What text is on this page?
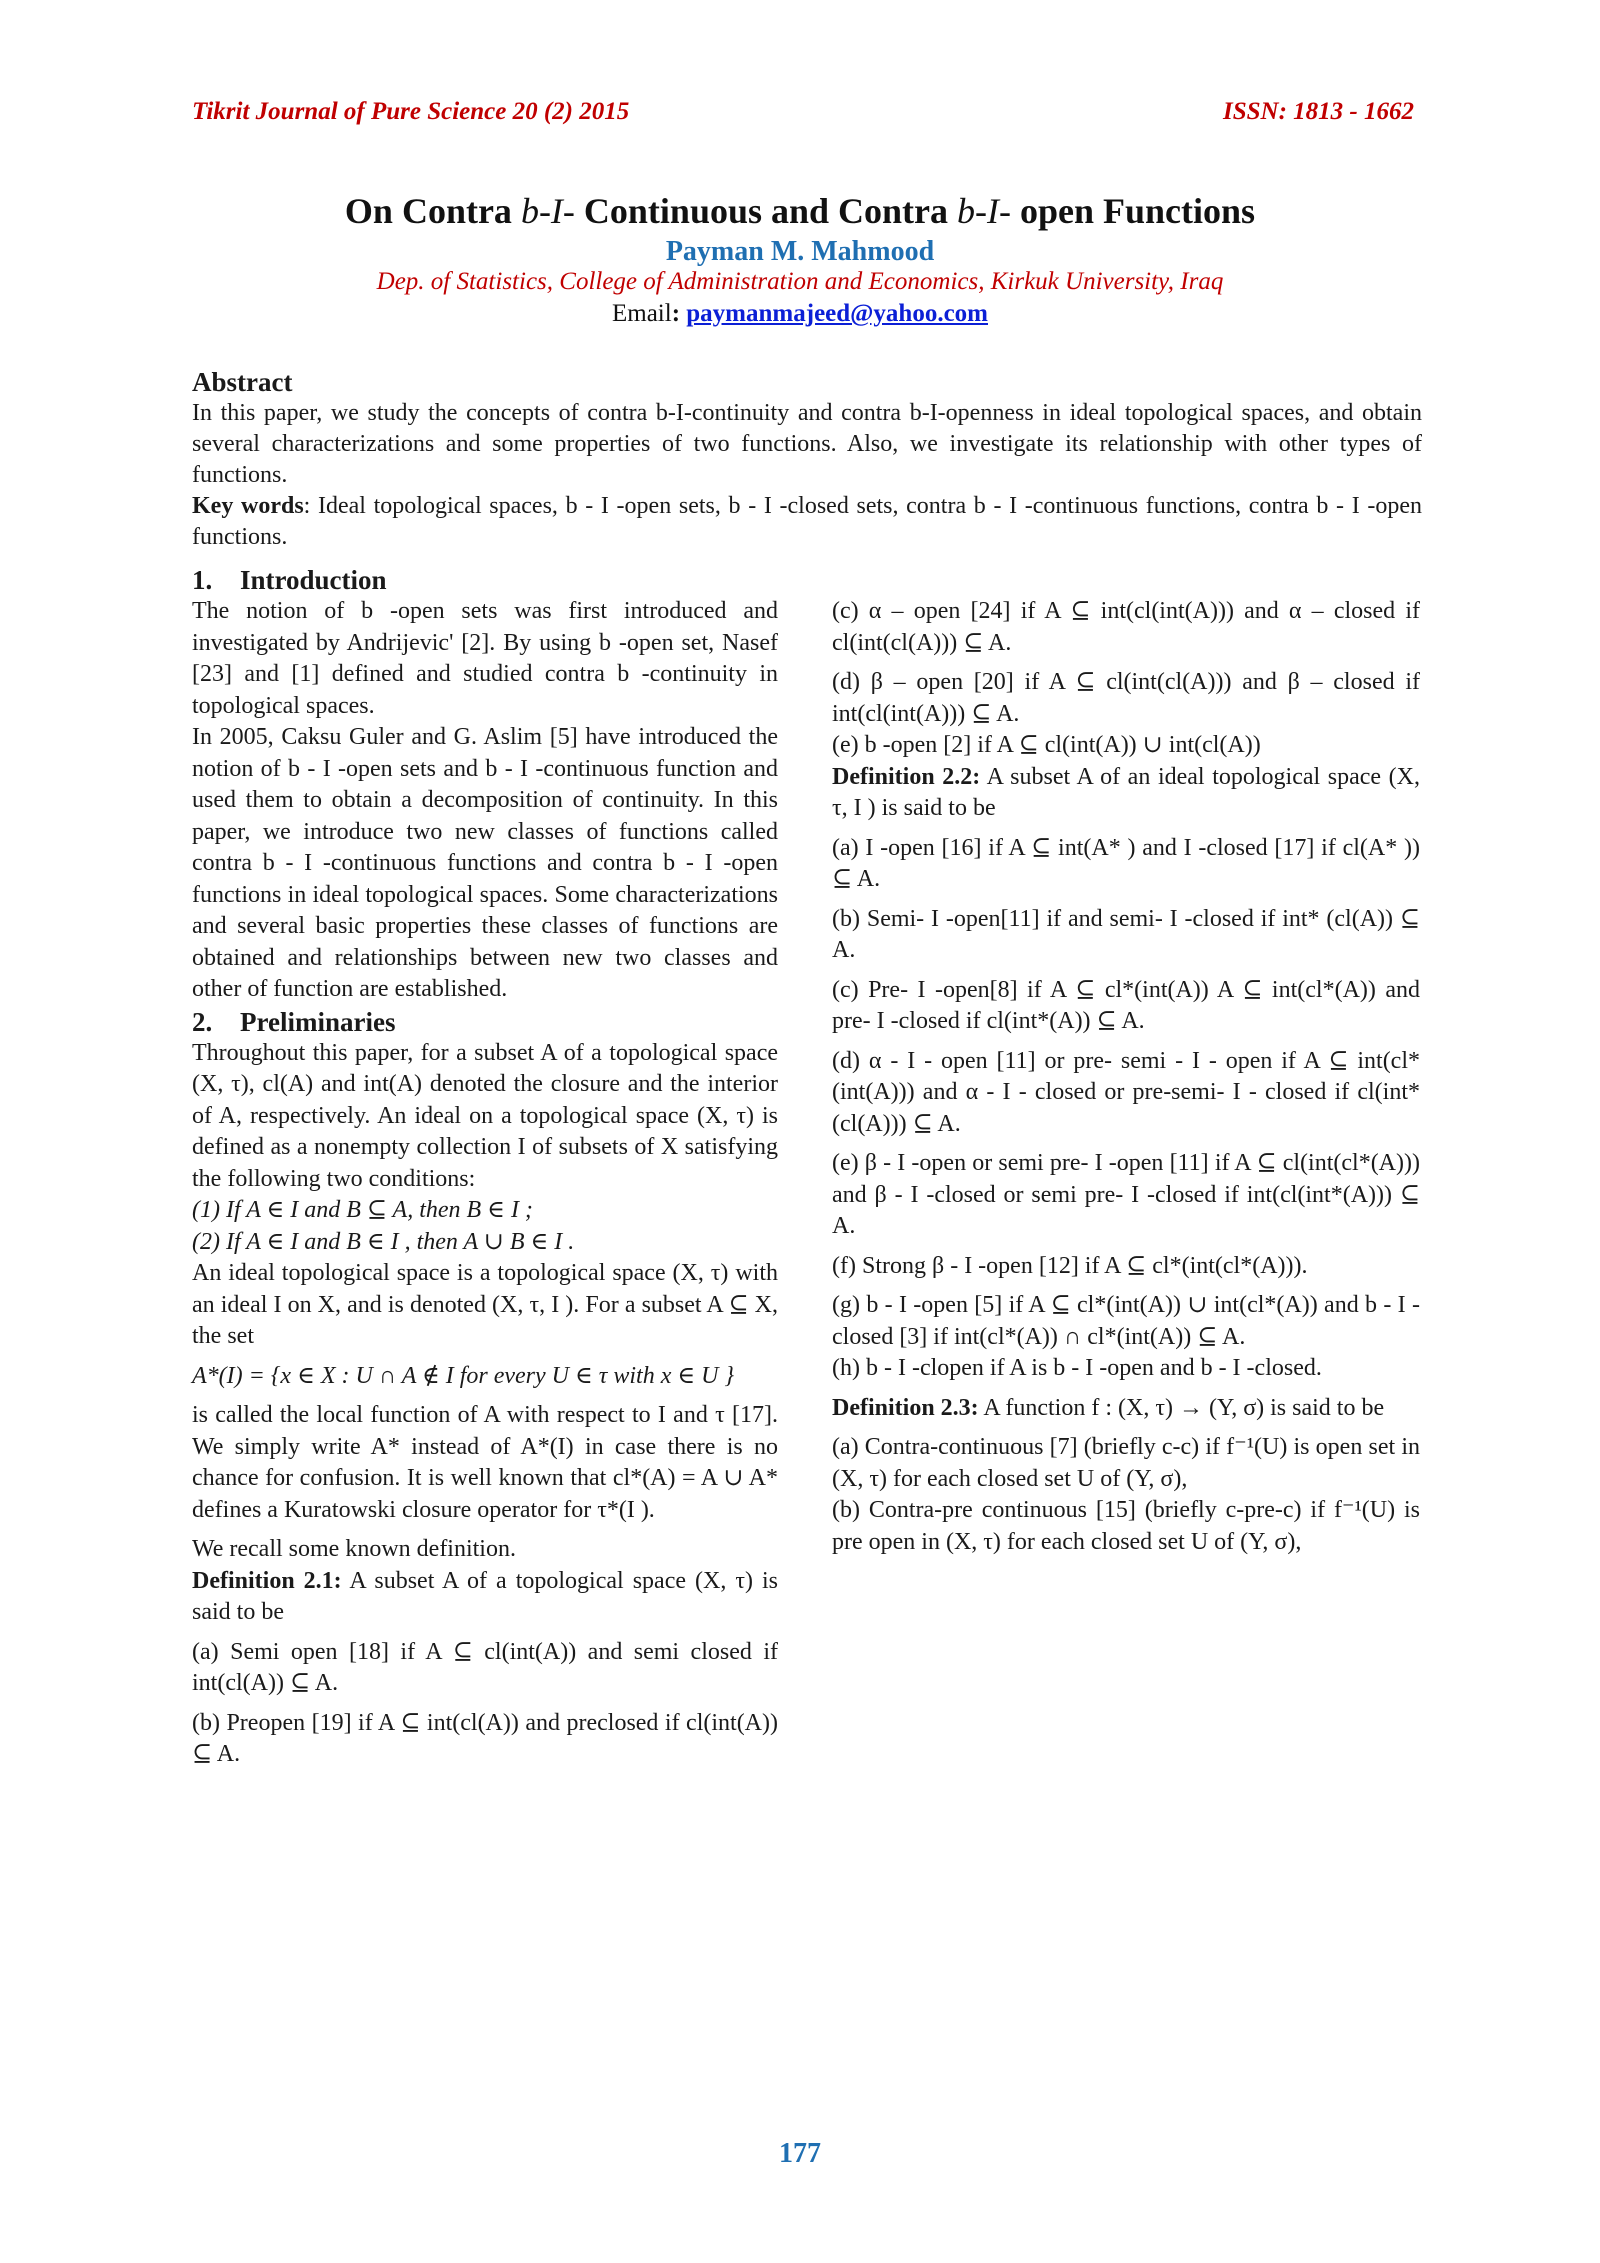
Tikrit Journal of Pure Science 20 (2) 2015	ISSN: 1813 - 1662
On Contra b-I- Continuous and Contra b-I- open Functions
Payman M. Mahmood
Dep. of Statistics, College of Administration and Economics, Kirkuk University, Iraq
Email: paymanmajeed@yahoo.com
Abstract

In this paper, we study the concepts of contra b-I-continuity and contra b-I-openness in ideal topological spaces, and obtain several characterizations and some properties of two functions. Also, we investigate its relationship with other types of functions.

Key words: Ideal topological spaces, b - I -open sets, b - I -closed sets, contra b - I -continuous functions, contra b - I -open functions.

1. Introduction

The notion of b -open sets was first introduced and investigated by Andrijevic' [2]. By using b -open set, Nasef [23] and [1] defined and studied contra b -continuity in topological spaces.

In 2005, Caksu Guler and G. Aslim [5] have introduced the notion of b - I -open sets and b - I -continuous function and used them to obtain a decomposition of continuity. In this paper, we introduce two new classes of functions called contra b - I -continuous functions and contra b - I -open functions in ideal topological spaces. Some characterizations and several basic properties these classes of functions are obtained and relationships between new two classes and other of function are established.

2. Preliminaries

Throughout this paper, for a subset A of a topological space (X, τ), cl(A) and int(A) denoted the closure and the interior of A, respectively. An ideal on a topological space (X, τ) is defined as a nonempty collection I of subsets of X satisfying the following two conditions:

(1) If A ∈ I and B ⊆ A, then B ∈ I ;

(2) If A ∈ I and B ∈ I , then A ∪ B ∈ I .

An ideal topological space is a topological space (X, τ) with an ideal I on X, and is denoted (X, τ, I ). For a subset A ⊆ X, the set

A*(I) = {x ∈ X : U ∩ A ∉ I for every U ∈ τ with x ∈ U }

is called the local function of A with respect to I and τ [17]. We simply write A* instead of A*(I) in case there is no chance for confusion. It is well known that cl*(A) = A ∪ A* defines a Kuratowski closure operator for τ*(I ).

We recall some known definition.

Definition 2.1: A subset A of a topological space (X, τ) is said to be

(a) Semi open [18] if A ⊆ cl(int(A)) and semi closed if int(cl(A)) ⊆ A.

(b) Preopen [19] if A ⊆ int(cl(A)) and preclosed if cl(int(A)) ⊆ A.

(c) α – open [24] if A ⊆ int(cl(int(A))) and α – closed if cl(int(cl(A))) ⊆ A.

(d) β – open [20] if A ⊆ cl(int(cl(A))) and β – closed if int(cl(int(A))) ⊆ A.

(e) b -open [2] if A ⊆ cl(int(A)) ∪ int(cl(A))

Definition 2.2: A subset A of an ideal topological space (X, τ, I ) is said to be

(a) I -open [16] if A ⊆ int(A* ) and I -closed [17] if cl(A* )) ⊆ A.

(b) Semi- I -open[11] if and semi- I -closed if int* (cl(A)) ⊆ A.

(c) Pre- I -open[8] if A ⊆ cl*(int(A)) A ⊆ int(cl*(A)) and pre- I -closed if cl(int*(A)) ⊆ A.

(d) α - I - open [11] or pre- semi - I - open if A ⊆ int(cl*(int(A))) and α - I - closed or pre-semi- I - closed if cl(int*(cl(A))) ⊆ A.

(e) β - I -open or semi pre- I -open [11] if A ⊆ cl(int(cl*(A))) and β - I -closed or semi pre- I -closed if int(cl(int*(A))) ⊆ A.

(f) Strong β - I -open [12] if A ⊆ cl*(int(cl*(A))).

(g) b - I -open [5] if A ⊆ cl*(int(A)) ∪ int(cl*(A)) and b - I -closed [3] if int(cl*(A)) ∩ cl*(int(A)) ⊆ A.

(h) b - I -clopen if A is b - I -open and b - I -closed.

Definition 2.3: A function f : (X, τ) → (Y, σ) is said to be

(a) Contra-continuous [7] (briefly c-c) if f⁻¹(U) is open set in (X, τ) for each closed set U of (Y, σ),

(b) Contra-pre continuous [15] (briefly c-pre-c) if f⁻¹(U) is pre open in (X, τ) for each closed set U of (Y, σ),

177
